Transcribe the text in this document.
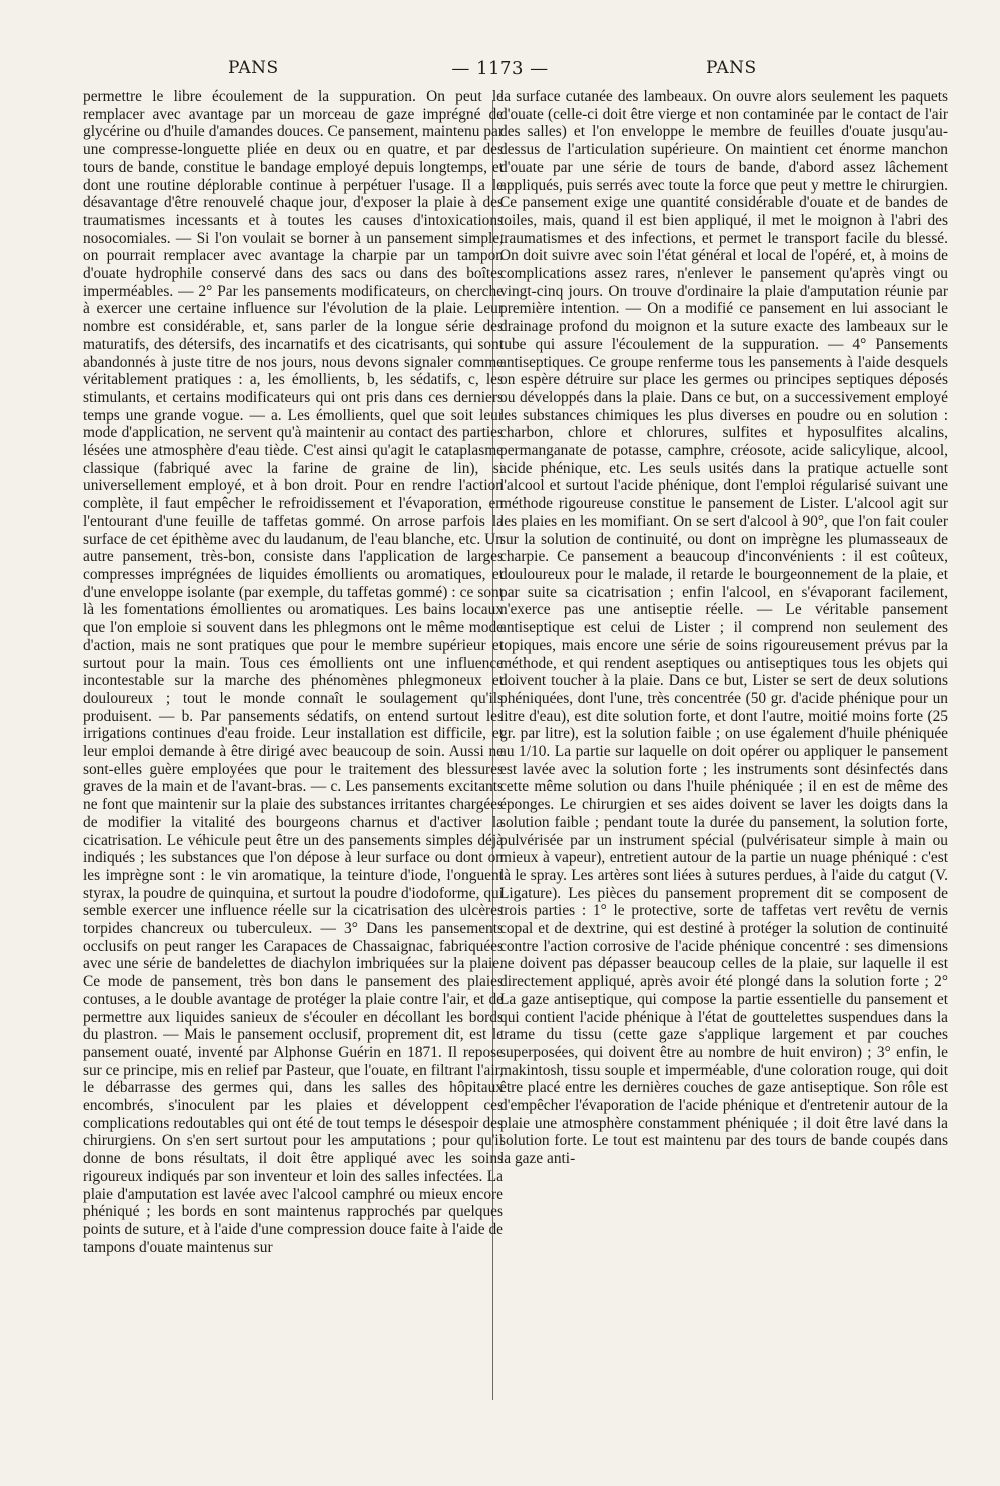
PANS	— 1173 —	PANS

permettre le libre écoulement de la suppuration. On peut le remplacer avec avantage par un morceau de gaze imprégné de glycérine ou d'huile d'amandes douces. Ce pansement, maintenu par une compresse-longuette pliée en deux ou en quatre, et par des tours de bande, constitue le bandage employé depuis longtemps, et dont une routine déplorable continue à perpétuer l'usage. Il a le désavantage d'être renouvelé chaque jour, d'exposer la plaie à des traumatismes incessants et à toutes les causes d'intoxications nosocomiales. — Si l'on voulait se borner à un pansement simple, on pourrait remplacer avec avantage la charpie par un tampon d'ouate hydrophile conservé dans des sacs ou dans des boîtes imperméables. — 2° Par les pansements modificateurs, on cherche à exercer une certaine influence sur l'évolution de la plaie. Leur nombre est considérable, et, sans parler de la longue série des maturatifs, des détersifs, des incarnatifs et des cicatrisants, qui sont abandonnés à juste titre de nos jours, nous devons signaler comme véritablement pratiques : a, les émollients, b, les sédatifs, c, les stimulants, et certains modificateurs qui ont pris dans ces derniers temps une grande vogue. — a. Les émollients, quel que soit leur mode d'application, ne servent qu'à maintenir au contact des parties lésées une atmosphère d'eau tiède. C'est ainsi qu'agit le cataplasme classique (fabriqué avec la farine de graine de lin), si universellement employé, et à bon droit. Pour en rendre l'action complète, il faut empêcher le refroidissement et l'évaporation, en l'entourant d'une feuille de taffetas gommé. On arrose parfois la surface de cet épithème avec du laudanum, de l'eau blanche, etc. Un autre pansement, très-bon, consiste dans l'application de larges compresses imprégnées de liquides émollients ou aromatiques, et d'une enveloppe isolante (par exemple, du taffetas gommé) : ce sont là les fomentations émollientes ou aromatiques. Les bains locaux que l'on emploie si souvent dans les phlegmons ont le même mode d'action, mais ne sont pratiques que pour le membre supérieur et surtout pour la main. Tous ces émollients ont une influence incontestable sur la marche des phénomènes phlegmoneux et douloureux ; tout le monde connaît le soulagement qu'ils produisent. — b. Par pansements sédatifs, on entend surtout les irrigations continues d'eau froide. Leur installation est difficile, et leur emploi demande à être dirigé avec beaucoup de soin. Aussi ne sont-elles guère employées que pour le traitement des blessures graves de la main et de l'avant-bras. — c. Les pansements excitants ne font que maintenir sur la plaie des substances irritantes chargées de modifier la vitalité des bourgeons charnus et d'activer la cicatrisation. Le véhicule peut être un des pansements simples déjà indiqués ; les substances que l'on dépose à leur surface ou dont on les imprègne sont : le vin aromatique, la teinture d'iode, l'onguent styrax, la poudre de quinquina, et surtout la poudre d'iodoforme, qui semble exercer une influence réelle sur la cicatrisation des ulcères torpides chancreux ou tuberculeux. — 3° Dans les pansements occlusifs on peut ranger les Carapaces de Chassaignac, fabriquées avec une série de bandelettes de diachylon imbriquées sur la plaie. Ce mode de pansement, très bon dans le pansement des plaies contuses, a le double avantage de protéger la plaie contre l'air, et de permettre aux liquides sanieux de s'écouler en décollant les bords du plastron. — Mais le pansement occlusif, proprement dit, est le pansement ouaté, inventé par Alphonse Guérin en 1871. Il repose sur ce principe, mis en relief par Pasteur, que l'ouate, en filtrant l'air, le débarrasse des germes qui, dans les salles des hôpitaux encombrés, s'inoculent par les plaies et développent ces complications redoutables qui ont été de tout temps le désespoir des chirurgiens. On s'en sert surtout pour les amputations ; pour qu'il donne de bons résultats, il doit être appliqué avec les soins rigoureux indiqués par son inventeur et loin des salles infectées. La plaie d'amputation est lavée avec l'alcool camphré ou mieux encore phéniqué ; les bords en sont maintenus rapprochés par quelques points de suture, et à l'aide d'une compression douce faite à l'aide de tampons d'ouate maintenus sur

la surface cutanée des lambeaux. On ouvre alors seulement les paquets d'ouate (celle-ci doit être vierge et non contaminée par le contact de l'air des salles) et l'on enveloppe le membre de feuilles d'ouate jusqu'au-dessus de l'articulation supérieure. On maintient cet énorme manchon d'ouate par une série de tours de bande, d'abord assez lâchement appliqués, puis serrés avec toute la force que peut y mettre le chirurgien. Ce pansement exige une quantité considérable d'ouate et de bandes de toiles, mais, quand il est bien appliqué, il met le moignon à l'abri des traumatismes et des infections, et permet le transport facile du blessé. On doit suivre avec soin l'état général et local de l'opéré, et, à moins de complications assez rares, n'enlever le pansement qu'après vingt ou vingt-cinq jours. On trouve d'ordinaire la plaie d'amputation réunie par première intention. — On a modifié ce pansement en lui associant le drainage profond du moignon et la suture exacte des lambeaux sur le tube qui assure l'écoulement de la suppuration. — 4° Pansements antiseptiques. Ce groupe renferme tous les pansements à l'aide desquels on espère détruire sur place les germes ou principes septiques déposés ou développés dans la plaie. Dans ce but, on a successivement employé les substances chimiques les plus diverses en poudre ou en solution : charbon, chlore et chlorures, sulfites et hyposulfites alcalins, permanganate de potasse, camphre, créosote, acide salicylique, alcool, acide phénique, etc. Les seuls usités dans la pratique actuelle sont l'alcool et surtout l'acide phénique, dont l'emploi régularisé suivant une méthode rigoureuse constitue le pansement de Lister. L'alcool agit sur les plaies en les momifiant. On se sert d'alcool à 90°, que l'on fait couler sur la solution de continuité, ou dont on imprègne les plumasseaux de charpie. Ce pansement a beaucoup d'inconvénients : il est coûteux, douloureux pour le malade, il retarde le bourgeonnement de la plaie, et par suite sa cicatrisation ; enfin l'alcool, en s'évaporant facilement, n'exerce pas une antiseptie réelle. — Le véritable pansement antiseptique est celui de Lister ; il comprend non seulement des topiques, mais encore une série de soins rigoureusement prévus par la méthode, et qui rendent aseptiques ou antiseptiques tous les objets qui doivent toucher à la plaie. Dans ce but, Lister se sert de deux solutions phéniquées, dont l'une, très concentrée (50 gr. d'acide phénique pour un litre d'eau), est dite solution forte, et dont l'autre, moitié moins forte (25 gr. par litre), est la solution faible ; on use également d'huile phéniquée au 1/10. La partie sur laquelle on doit opérer ou appliquer le pansement est lavée avec la solution forte ; les instruments sont désinfectés dans cette même solution ou dans l'huile phéniquée ; il en est de même des éponges. Le chirurgien et ses aides doivent se laver les doigts dans la solution faible ; pendant toute la durée du pansement, la solution forte, pulvérisée par un instrument spécial (pulvérisateur simple à main ou mieux à vapeur), entretient autour de la partie un nuage phéniqué : c'est là le spray. Les artères sont liées à sutures perdues, à l'aide du catgut (V. Ligature). Les pièces du pansement proprement dit se composent de trois parties : 1° le protective, sorte de taffetas vert revêtu de vernis copal et de dextrine, qui est destiné à protéger la solution de continuité contre l'action corrosive de l'acide phénique concentré : ses dimensions ne doivent pas dépasser beaucoup celles de la plaie, sur laquelle il est directement appliqué, après avoir été plongé dans la solution forte ; 2° La gaze antiseptique, qui compose la partie essentielle du pansement et qui contient l'acide phénique à l'état de gouttelettes suspendues dans la trame du tissu (cette gaze s'applique largement et par couches superposées, qui doivent être au nombre de huit environ) ; 3° enfin, le makintosh, tissu souple et imperméable, d'une coloration rouge, qui doit être placé entre les dernières couches de gaze antiseptique. Son rôle est d'empêcher l'évaporation de l'acide phénique et d'entretenir autour de la plaie une atmosphère constamment phéniquée ; il doit être lavé dans la solution forte. Le tout est maintenu par des tours de bande coupés dans la gaze anti-
